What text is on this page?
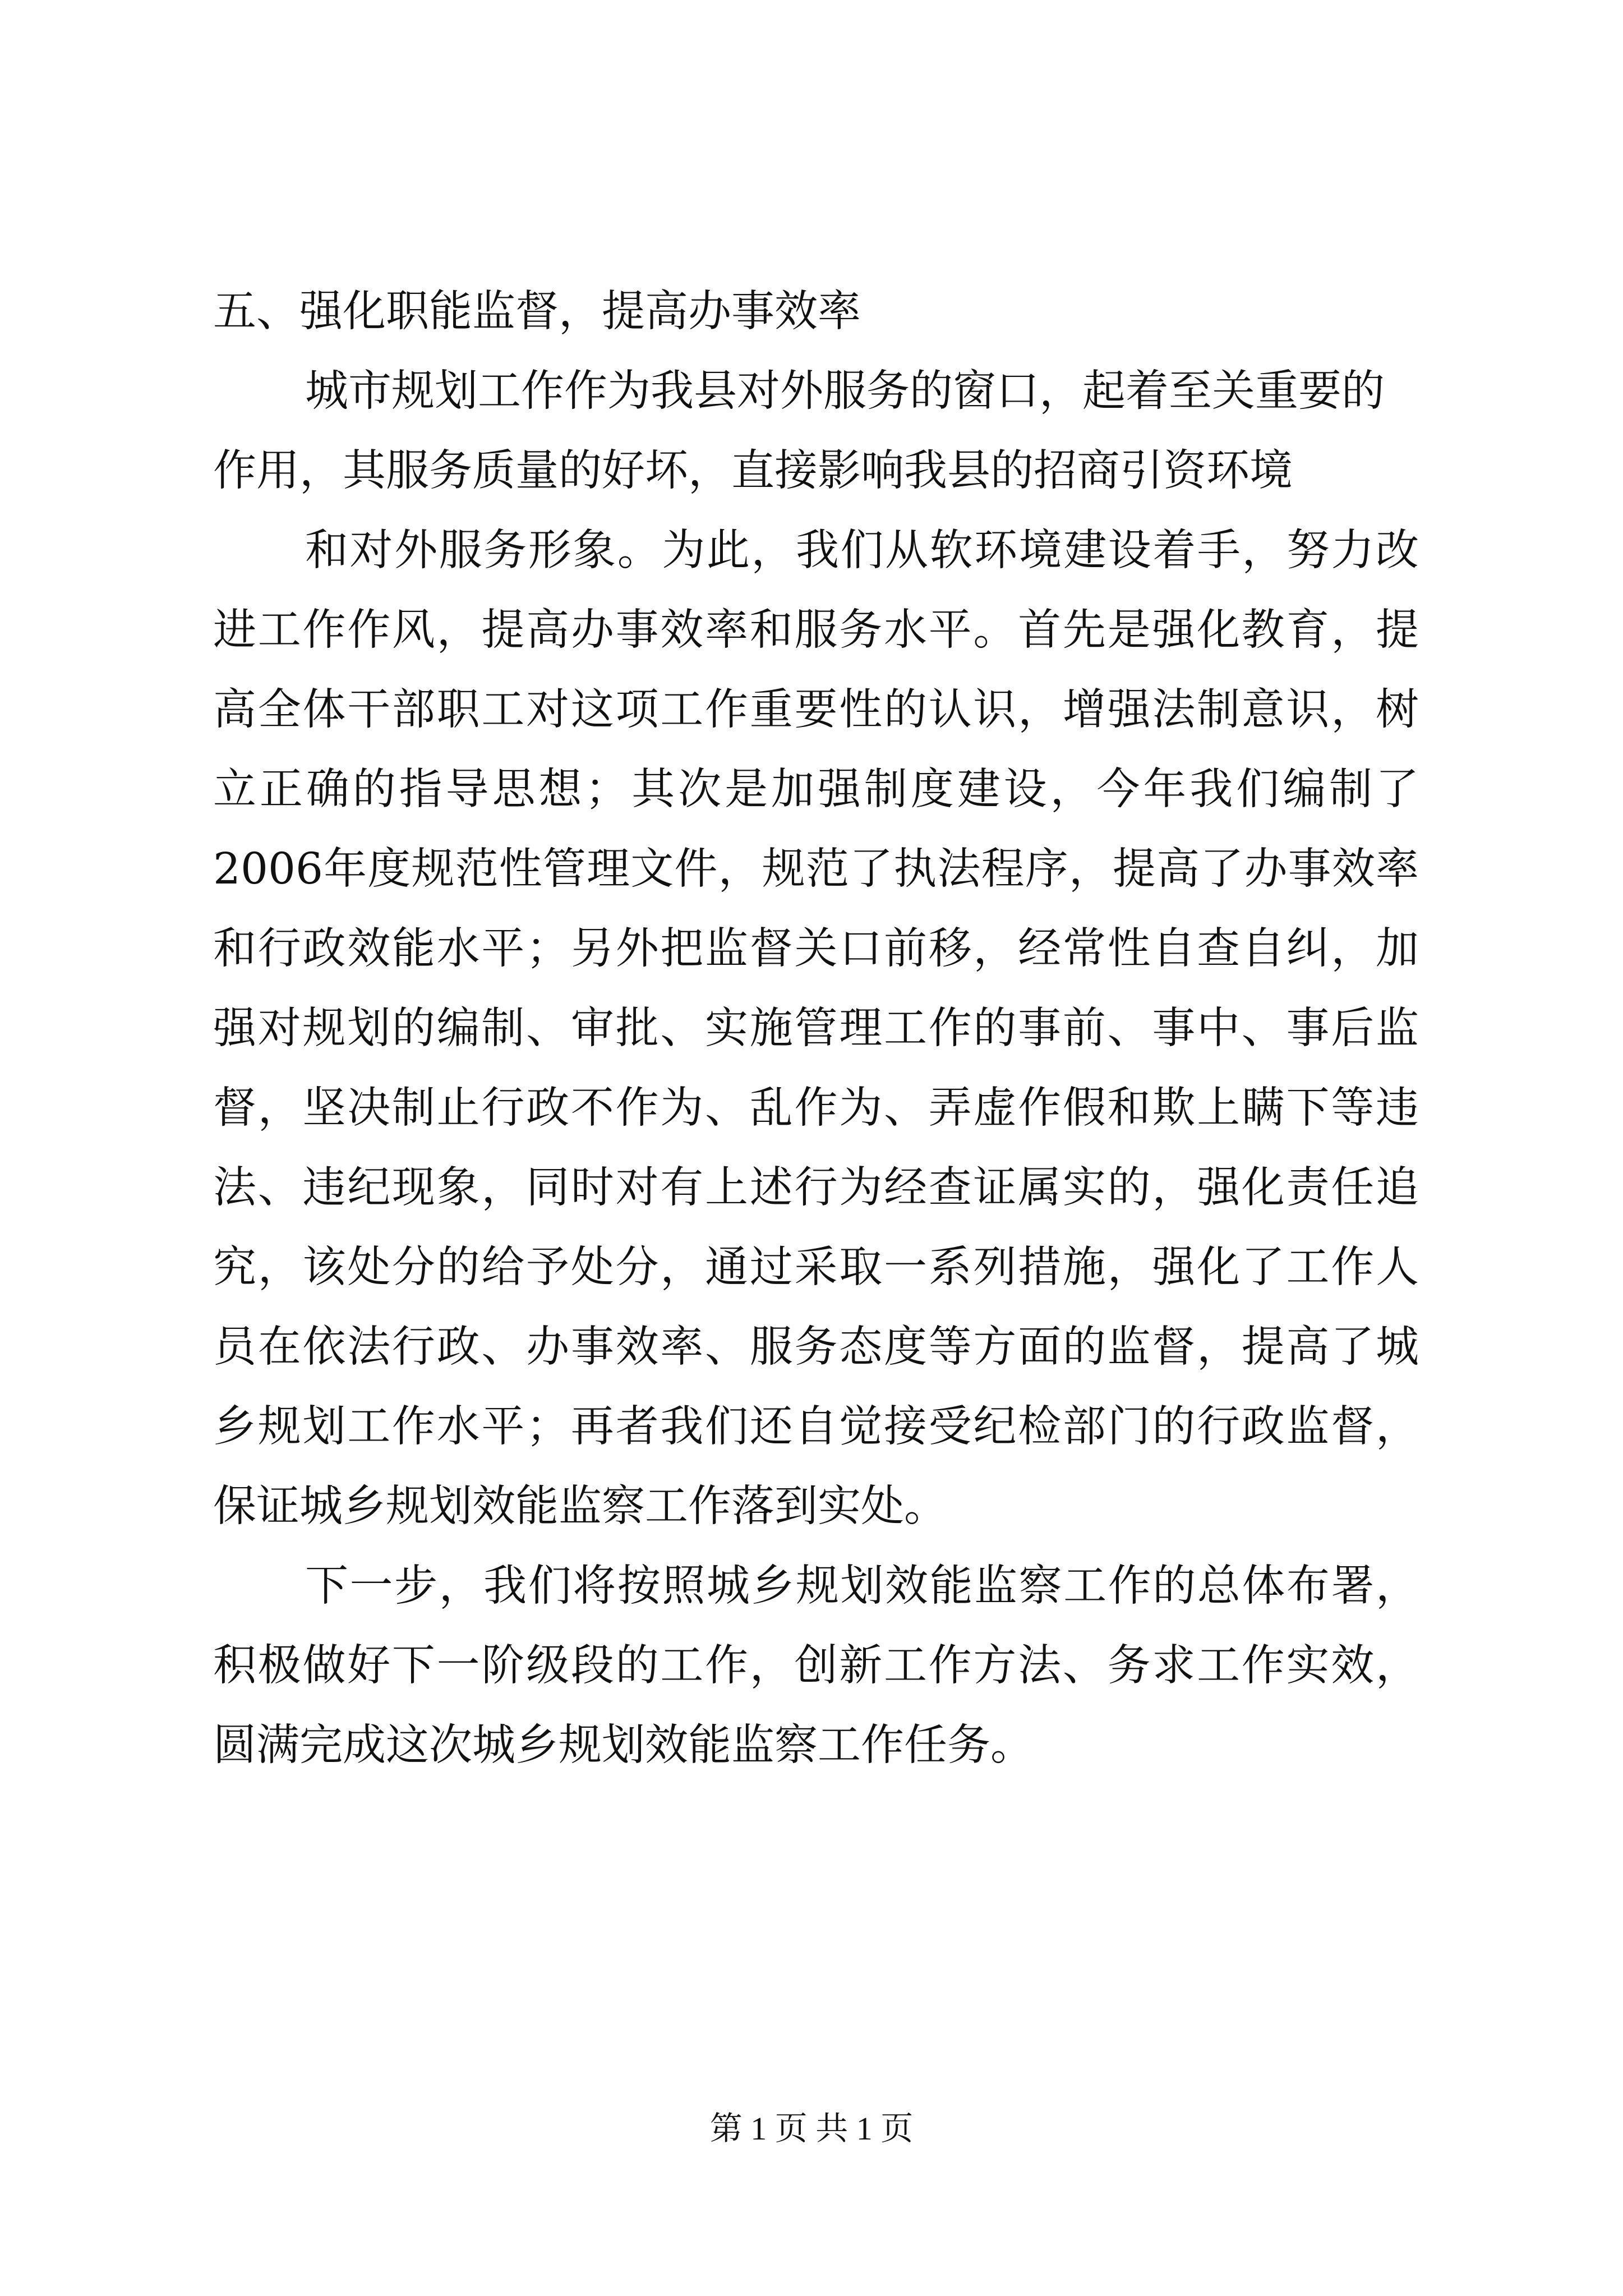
五、强化职能监督，提高办事效率

城市规划工作作为我县对外服务的窗口，起着至关重要的作用，其服务质量的好坏，直接影响我县的招商引资环境

和对外服务形象。为此，我们从软环境建设着手，努力改进工作作风，提高办事效率和服务水平。首先是强化教育，提高全体干部职工对这项工作重要性的认识，增强法制意识，树立正确的指导思想；其次是加强制度建设，今年我们编制了2006年度规范性管理文件，规范了执法程序，提高了办事效率和行政效能水平；另外把监督关口前移，经常性自查自纠，加强对规划的编制、审批、实施管理工作的事前、事中、事后监督，坚决制止行政不作为、乱作为、弄虚作假和欺上瞒下等违法、违纪现象，同时对有上述行为经查证属实的，强化责任追究，该处分的给予处分，通过采取一系列措施，强化了工作人员在依法行政、办事效率、服务态度等方面的监督，提高了城乡规划工作水平；再者我们还自觉接受纪检部门的行政监督，保证城乡规划效能监察工作落到实处。

下一步，我们将按照城乡规划效能监察工作的总体布署，积极做好下一阶级段的工作，创新工作方法、务求工作实效，圆满完成这次城乡规划效能监察工作任务。

第 1 页 共 1 页
